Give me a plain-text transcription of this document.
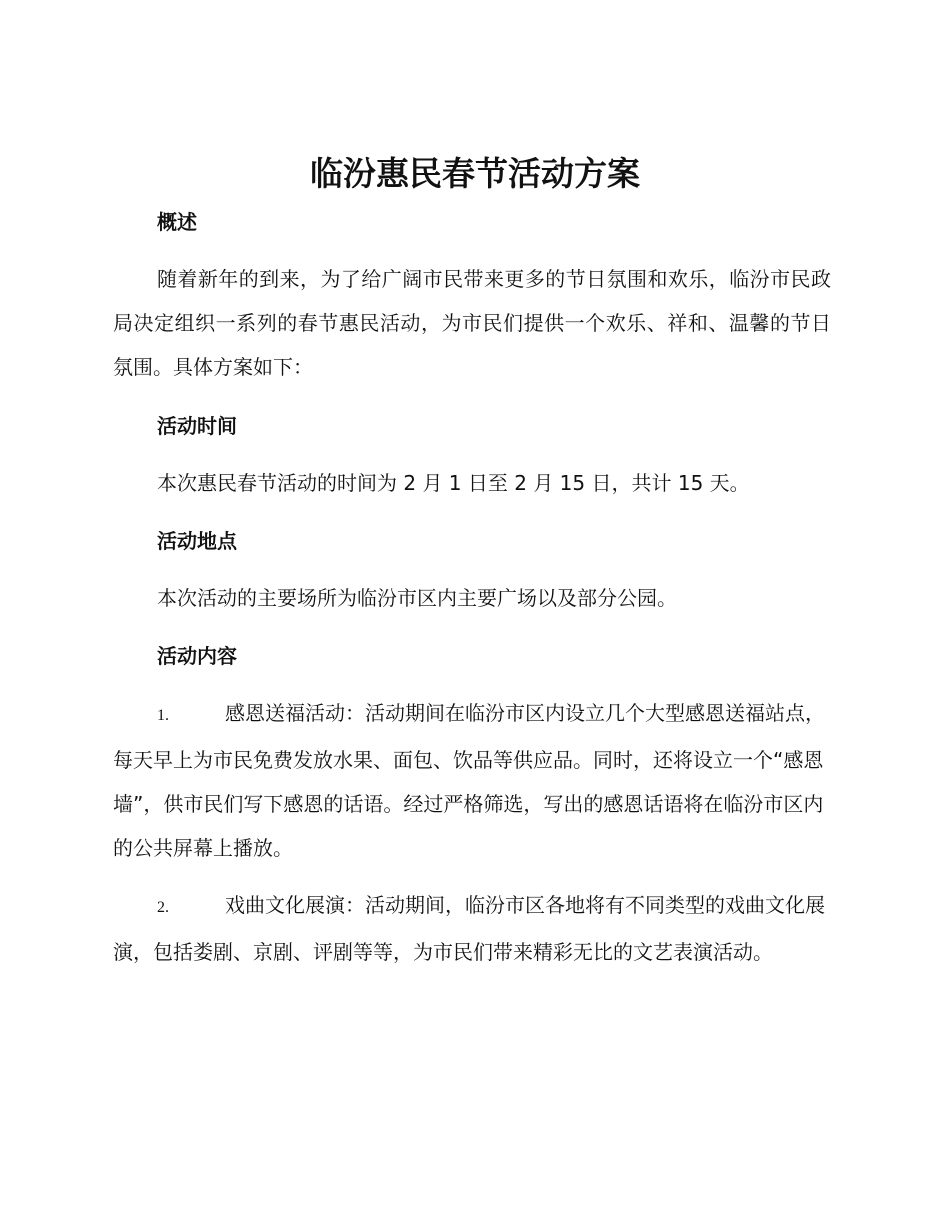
临汾惠民春节活动方案
概述

随着新年的到来，为了给广阔市民带来更多的节日氛围和欢乐，临汾市民政局决定组织一系列的春节惠民活动，为市民们提供一个欢乐、祥和、温馨的节日氛围。具体方案如下：

活动时间

本次惠民春节活动的时间为 2 月 1 日至 2 月 15 日，共计 15 天。

活动地点

本次活动的主要场所为临汾市区内主要广场以及部分公园。

活动内容

1.	感恩送福活动：活动期间在临汾市区内设立几个大型感恩送福站点，每天早上为市民免费发放水果、面包、饮品等供应品。同时，还将设立一个“感恩墙”，供市民们写下感恩的话语。经过严格筛选，写出的感恩话语将在临汾市区内的公共屏幕上播放。

2.	戏曲文化展演：活动期间，临汾市区各地将有不同类型的戏曲文化展演，包括娄剧、京剧、评剧等等，为市民们带来精彩无比的文艺表演活动。
